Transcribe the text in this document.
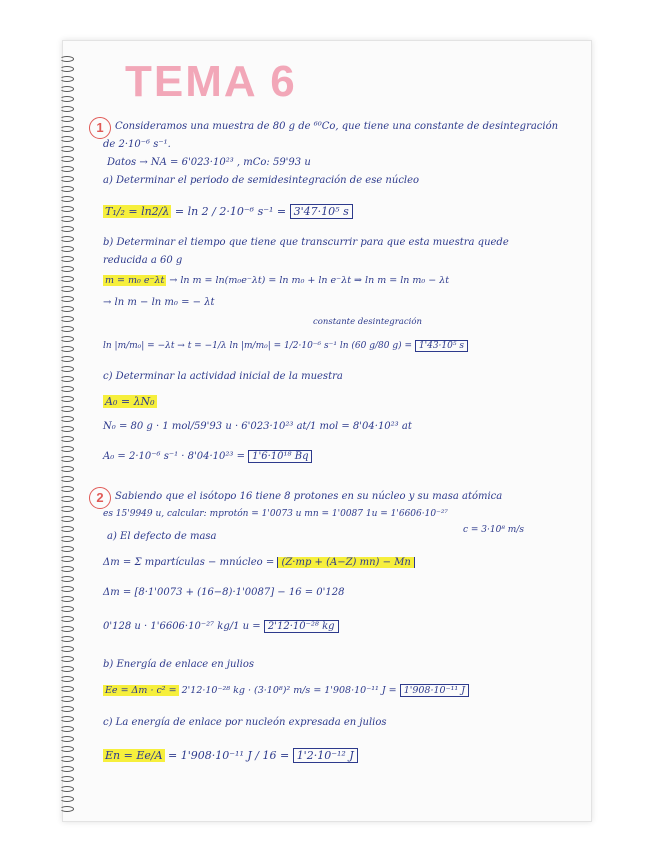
TEMA 6
1	Consideramos una muestra de 80 g de ⁶⁰Co, que tiene una constante de desintegración
de 2·10⁻⁶ s⁻¹.
Datos → NA = 6'023·10²³ , mCo: 59'93 u
a) Determinar el periodo de semidesintegración de ese núcleo
T₁/₂ = ln2/λ = ln 2 / 2·10⁻⁶ s⁻¹ = 3'47·10⁵ s
b) Determinar el tiempo que tiene que transcurrir para que esta muestra quede
reducida a 60 g
m = m₀ e⁻λt → ln m = ln(m₀e⁻λt) = ln m₀ + ln e⁻λt ⇒ ln m = ln m₀ − λt
→ ln m − ln m₀ = − λt
constante desintegración
ln |m/m₀| = −λt → t = −1/λ ln |m/m₀| = 1/2·10⁻⁶ s⁻¹ ln (60 g/80 g) = 1'43·10⁵ s
c) Determinar la actividad inicial de la muestra
A₀ = λN₀
N₀ = 80 g · 1 mol/59'93 u · 6'023·10²³ at/1 mol = 8'04·10²³ at
A₀ = 2·10⁻⁶ s⁻¹ · 8'04·10²³ = 1'6·10¹⁸ Bq
2	Sabiendo que el isótopo 16 tiene 8 protones en su núcleo y su masa atómica
es 15'9949 u, calcular: mprotón = 1'0073 u mn = 1'0087 1u = 1'6606·10⁻²⁷
c = 3·10⁸ m/s
a) El defecto de masa
Δm = Σ mpartículas − mnúcleo = (Z·mp + (A−Z) mn) − Mn
Δm = [8·1'0073 + (16−8)·1'0087] − 16 = 0'128
0'128 u · 1'6606·10⁻²⁷ kg/1 u = 2'12·10⁻²⁸ kg
b) Energía de enlace en julios
Ee = Δm · c² = 2'12·10⁻²⁸ kg · (3·10⁸)² m/s = 1'908·10⁻¹¹ J = 1'908·10⁻¹¹ J
c) La energía de enlace por nucleón expresada en julios
En = Ee/A = 1'908·10⁻¹¹ J / 16 = 1'2·10⁻¹² J
